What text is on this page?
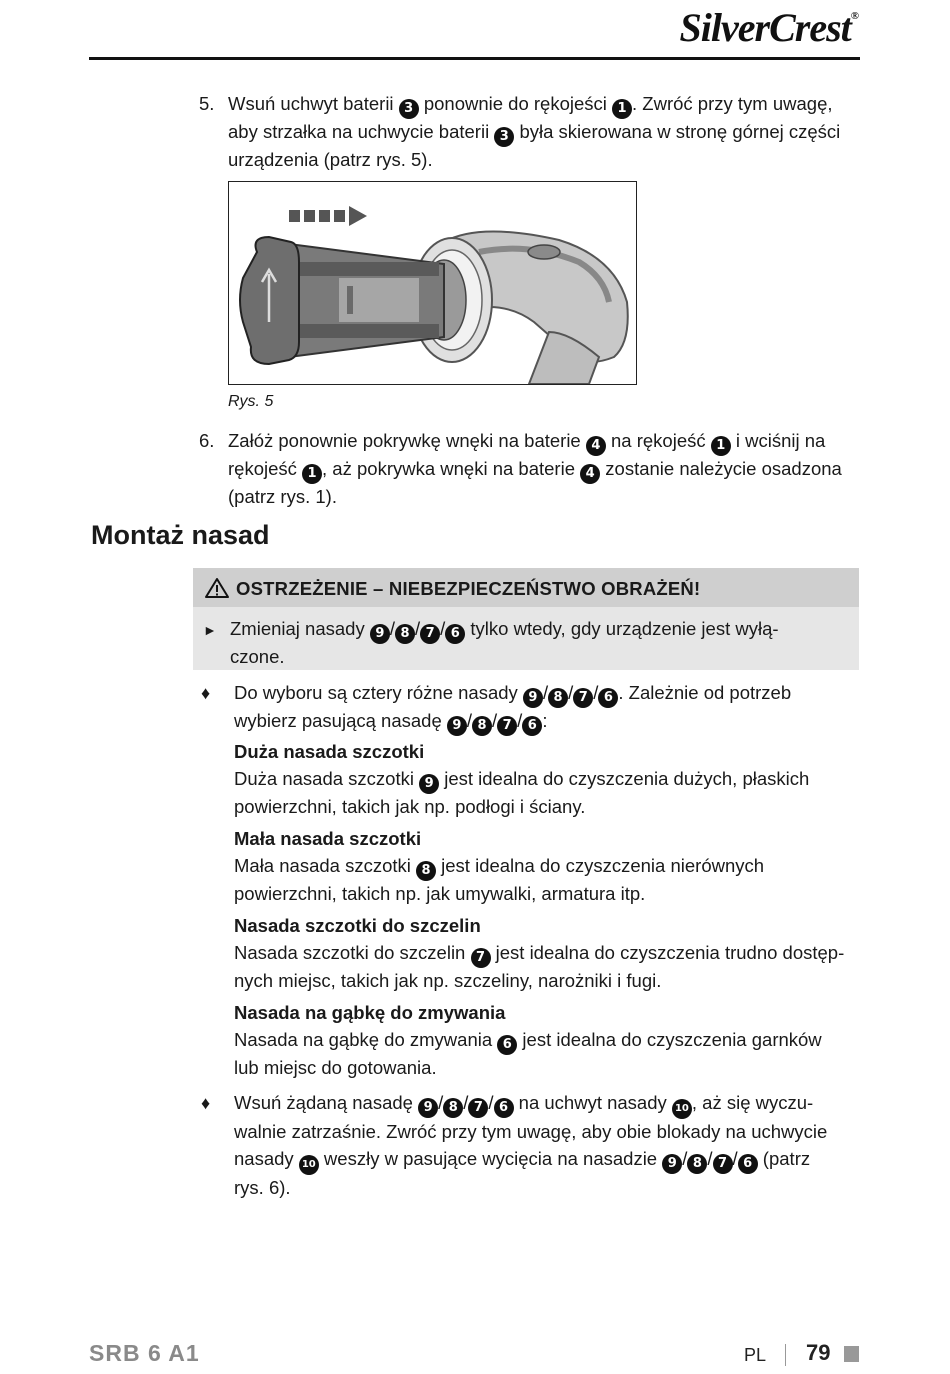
SilverCrest®
5. Wsuń uchwyt baterii 3 ponownie do rękojeści 1 . Zwróć przy tym uwagę,
aby strzałka na uchwycie baterii 3 była skierowana w stronę górnej części
urządzenia (patrz rys. 5).
Rys. 5
6. Załóż ponownie pokrywkę wnęki na baterie 4 na rękojeść 1 i wciśnij na
rękojeść 1 , aż pokrywka wnęki na baterie 4 zostanie należycie osadzona
(patrz rys. 1).
Montaż nasad
OSTRZEŻENIE – NIEBEZPIECZEŃSTWO OBRAŻEŃ!
► Zmieniaj nasady 9 / 8 / 7 / 6 tylko wtedy, gdy urządzenie jest wyłą-
czone.
♦ Do wyboru są cztery różne nasady 9 / 8 / 7 / 6 . Zależnie od potrzeb
wybierz pasującą nasadę 9 / 8 / 7 / 6 :
Duża nasada szczotki
Duża nasada szczotki 9 jest idealna do czyszczenia dużych, płaskich
powierzchni, takich jak np. podłogi i ściany.
Mała nasada szczotki
Mała nasada szczotki 8 jest idealna do czyszczenia nierównych
powierzchni, takich np. jak umywalki, armatura itp.
Nasada szczotki do szczelin
Nasada szczotki do szczelin 7 jest idealna do czyszczenia trudno dostęp-
nych miejsc, takich jak np. szczeliny, narożniki i fugi.
Nasada na gąbkę do zmywania
Nasada na gąbkę do zmywania 6 jest idealna do czyszczenia garnków
lub miejsc do gotowania.
♦ Wsuń żądaną nasadę 9 / 8 / 7 / 6 na uchwyt nasady 10 , aż się wyczu-
walnie zatrzaśnie. Zwróć przy tym uwagę, aby obie blokady na uchwycie
nasady 10 weszły w pasujące wycięcia na nasadzie 9 / 8 / 7 / 6 (patrz
rys. 6).
SRB 6 A1	PL 79
